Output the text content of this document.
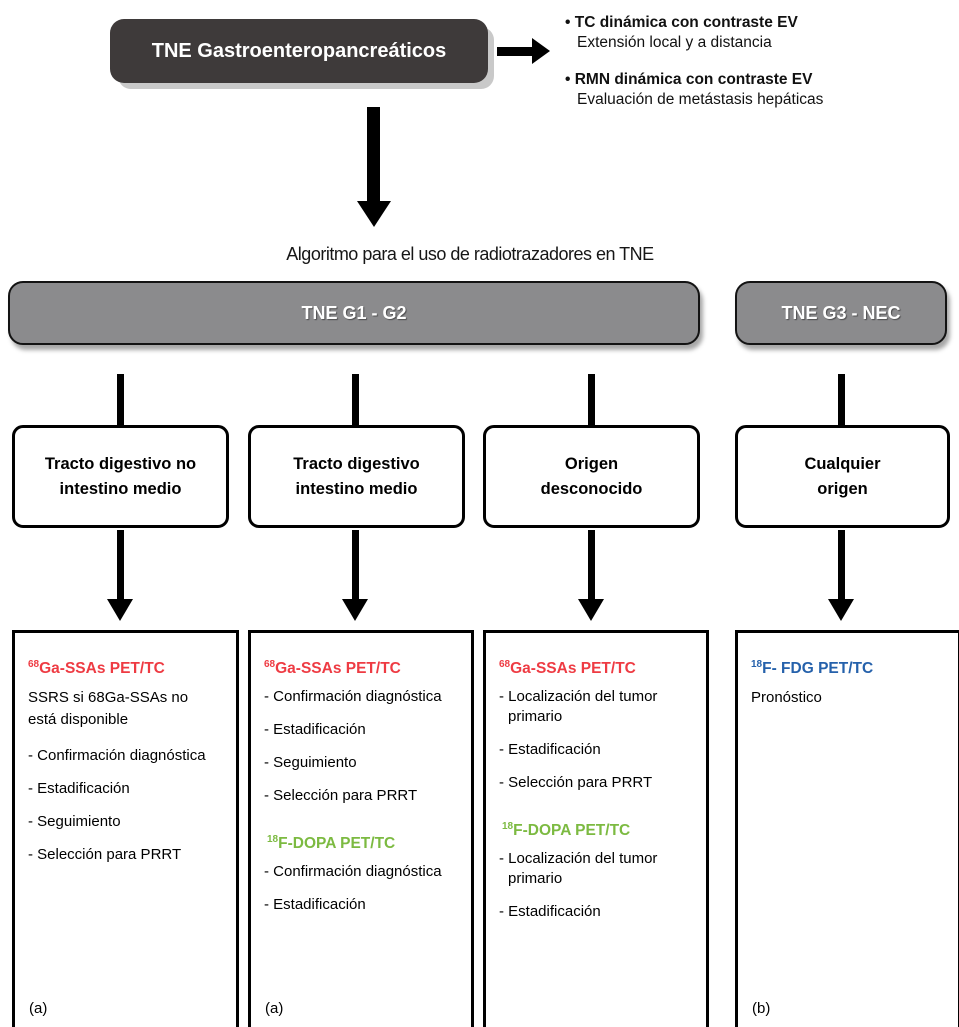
TNE Gastroenteropancreáticos
• TC dinámica con contraste EV
Extensión local y a distancia
• RMN dinámica con contraste EV
Evaluación de metástasis hepáticas
Algoritmo para el uso de radiotrazadores en TNE
TNE G1 - G2	TNE G3 - NEC
Tracto digestivo no
intestino medio
Tracto digestivo
intestino medio
Origen
desconocido
Cualquier
origen
$^{68}$Ga-SSAs PET/TC
SSRS si 68Ga-SSAs no está disponible
- Confirmación diagnóstica
- Estadificación
- Seguimiento
- Selección para PRRT
(a)
$^{68}$Ga-SSAs PET/TC
- Confirmación diagnóstica
- Estadificación
- Seguimiento
- Selección para PRRT
$^{18}$F-DOPA PET/TC
- Confirmación diagnóstica
- Estadificación
(a)
$^{68}$Ga-SSAs PET/TC
- Localización del tumor primario
- Estadificación
- Selección para PRRT
$^{18}$F-DOPA PET/TC
- Localización del tumor primario
- Estadificación
$^{18}$F- FDG PET/TC
Pronóstico
(b)
